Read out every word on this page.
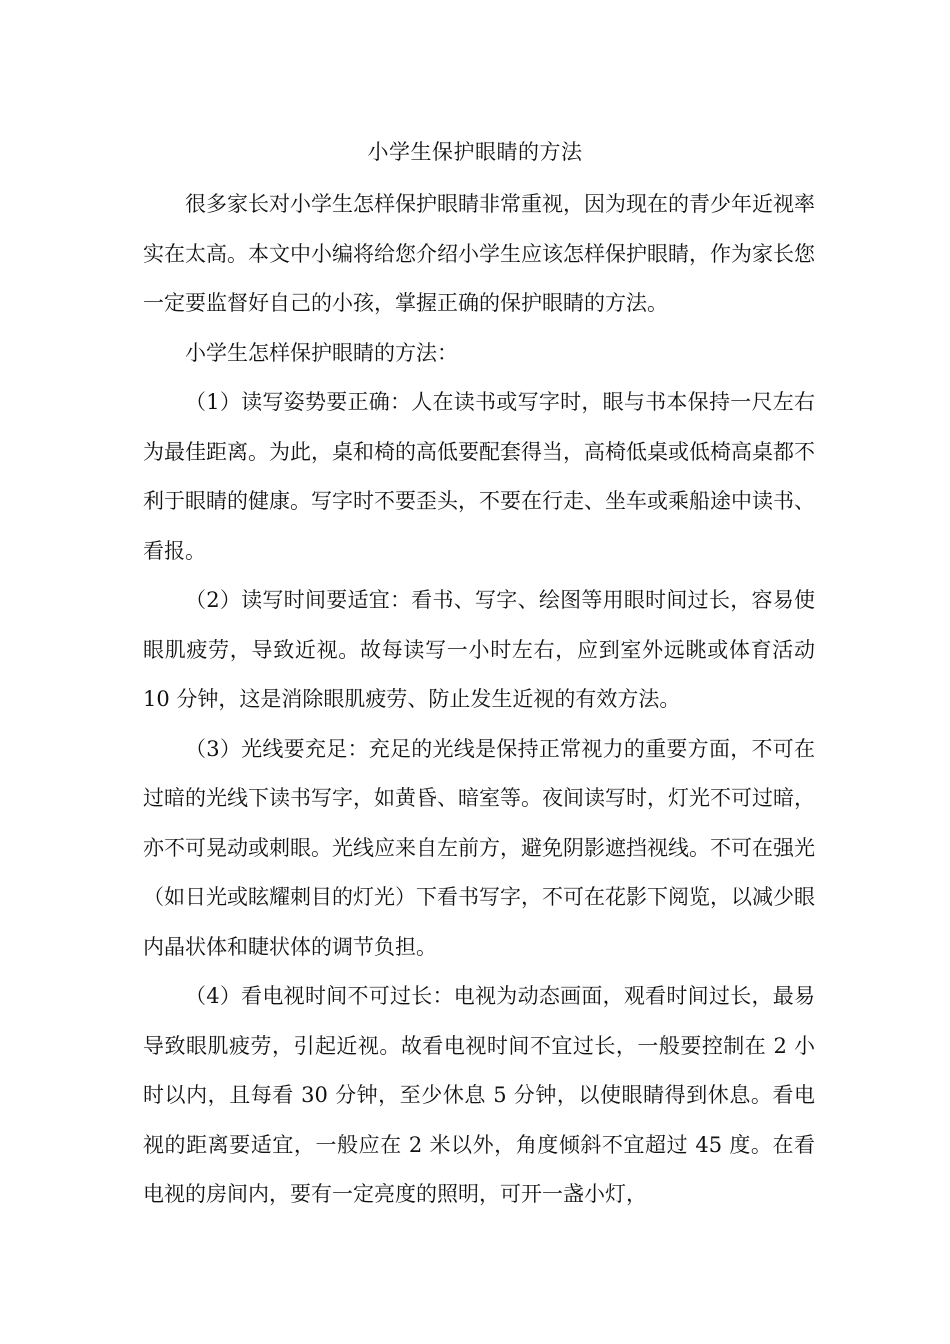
小学生保护眼睛的方法

很多家长对小学生怎样保护眼睛非常重视，因为现在的青少年近视率实在太高。本文中小编将给您介绍小学生应该怎样保护眼睛，作为家长您一定要监督好自己的小孩，掌握正确的保护眼睛的方法。

小学生怎样保护眼睛的方法：

（1）读写姿势要正确：人在读书或写字时，眼与书本保持一尺左右为最佳距离。为此，桌和椅的高低要配套得当，高椅低桌或低椅高桌都不利于眼睛的健康。写字时不要歪头，不要在行走、坐车或乘船途中读书、看报。

（2）读写时间要适宜：看书、写字、绘图等用眼时间过长，容易使眼肌疲劳，导致近视。故每读写一小时左右，应到室外远眺或体育活动 10 分钟，这是消除眼肌疲劳、防止发生近视的有效方法。

（3）光线要充足：充足的光线是保持正常视力的重要方面，不可在过暗的光线下读书写字，如黄昏、暗室等。夜间读写时，灯光不可过暗，亦不可晃动或刺眼。光线应来自左前方，避免阴影遮挡视线。不可在强光（如日光或眩耀刺目的灯光）下看书写字，不可在花影下阅览，以减少眼内晶状体和睫状体的调节负担。

（4）看电视时间不可过长：电视为动态画面，观看时间过长，最易导致眼肌疲劳，引起近视。故看电视时间不宜过长，一般要控制在 2 小时以内，且每看 30 分钟，至少休息 5 分钟，以使眼睛得到休息。看电视的距离要适宜，一般应在 2 米以外，角度倾斜不宜超过 45 度。在看电视的房间内，要有一定亮度的照明，可开一盏小灯，
